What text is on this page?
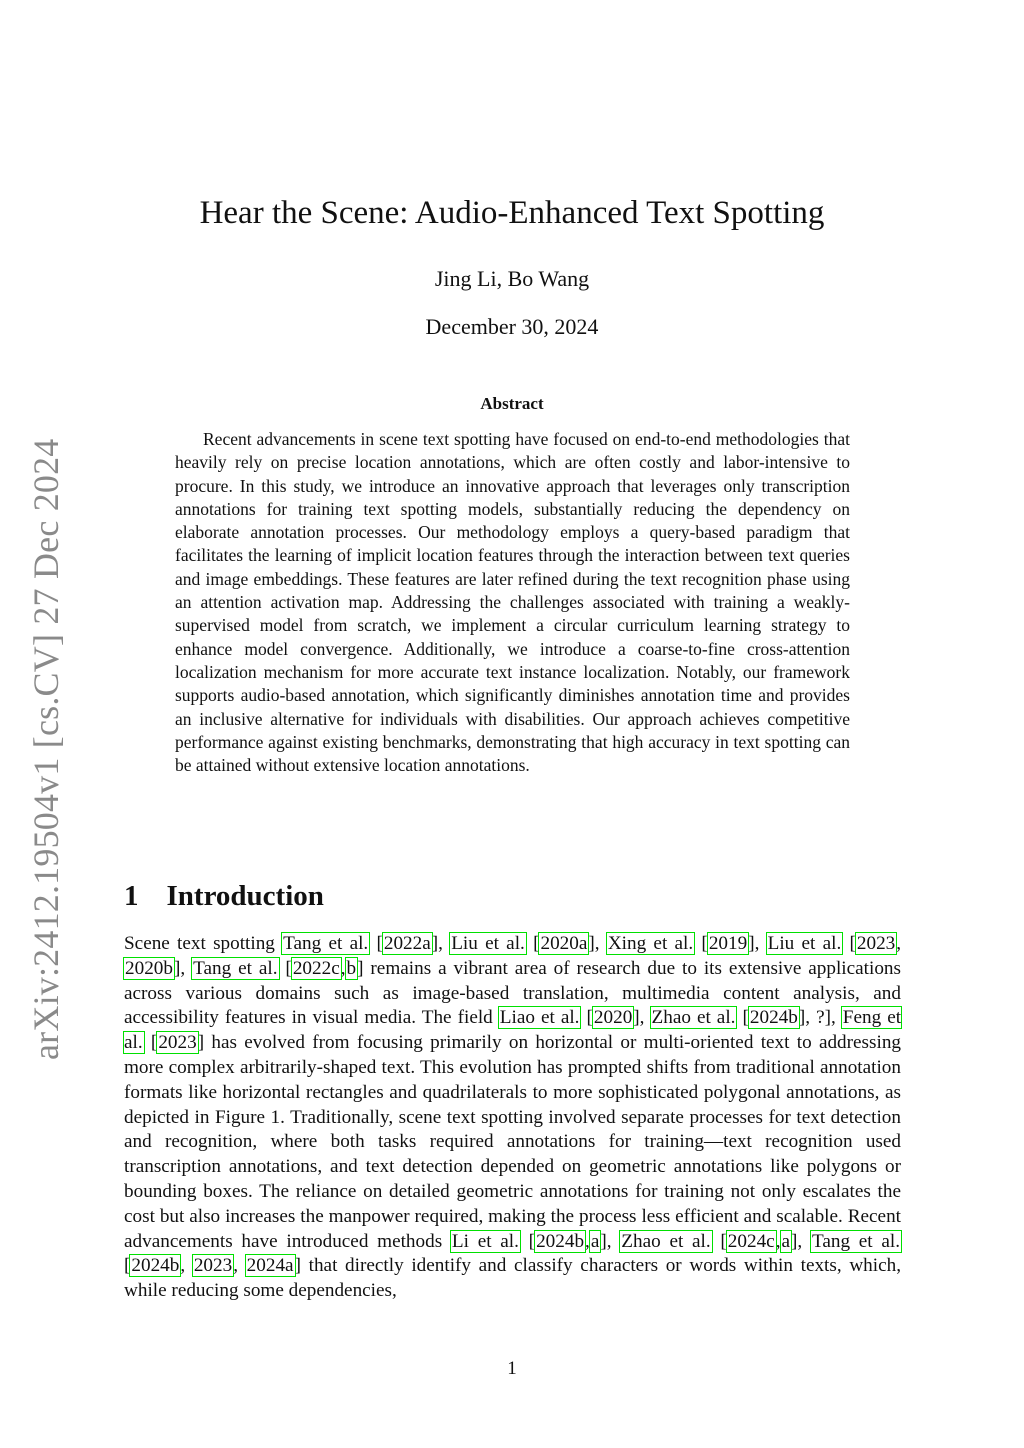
arXiv:2412.19504v1 [cs.CV] 27 Dec 2024
Hear the Scene: Audio-Enhanced Text Spotting
Jing Li, Bo Wang
December 30, 2024
Abstract
Recent advancements in scene text spotting have focused on end-to-end methodologies that heavily rely on precise location annotations, which are often costly and labor-intensive to procure. In this study, we introduce an innovative approach that leverages only transcription annotations for training text spotting models, substantially reducing the dependency on elaborate annotation processes. Our methodology employs a query-based paradigm that facilitates the learning of implicit location features through the interaction between text queries and image embeddings. These features are later refined during the text recognition phase using an attention activation map. Addressing the challenges associated with training a weakly-supervised model from scratch, we implement a circular curriculum learning strategy to enhance model convergence. Additionally, we introduce a coarse-to-fine cross-attention localization mechanism for more accurate text instance localization. Notably, our framework supports audio-based annotation, which significantly diminishes annotation time and provides an inclusive alternative for individuals with disabilities. Our approach achieves competitive performance against existing benchmarks, demonstrating that high accuracy in text spotting can be attained without extensive location annotations.
1 Introduction
Scene text spotting Tang et al. [2022a], Liu et al. [2020a], Xing et al. [2019], Liu et al. [2023, 2020b], Tang et al. [2022c,b] remains a vibrant area of research due to its extensive applications across various domains such as image-based translation, multimedia content analysis, and accessibility features in visual media. The field Liao et al. [2020], Zhao et al. [2024b], ?], Feng et al. [2023] has evolved from focusing primarily on horizontal or multi-oriented text to addressing more complex arbitrarily-shaped text. This evolution has prompted shifts from traditional annotation formats like horizontal rectangles and quadrilaterals to more sophisticated polygonal annotations, as depicted in Figure 1. Traditionally, scene text spotting involved separate processes for text detection and recognition, where both tasks required annotations for training—text recognition used transcription annotations, and text detection depended on geometric annotations like polygons or bounding boxes. The reliance on detailed geometric annotations for training not only escalates the cost but also increases the manpower required, making the process less efficient and scalable. Recent advancements have introduced methods Li et al. [2024b,a], Zhao et al. [2024c,a], Tang et al. [2024b, 2023, 2024a] that directly identify and classify characters or words within texts, which, while reducing some dependencies,
1
